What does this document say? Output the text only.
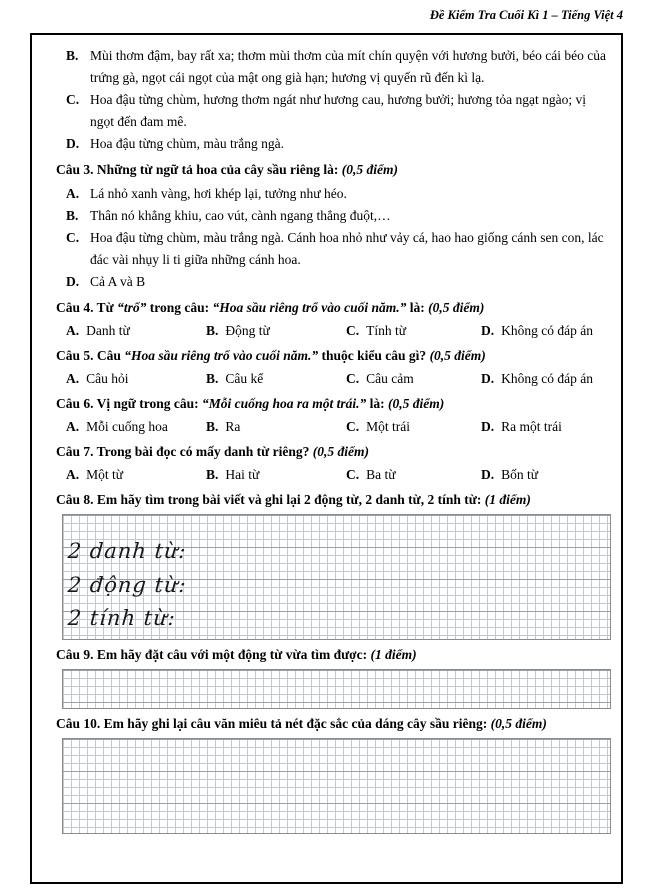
Đề Kiểm Tra Cuối Kì 1 – Tiếng Việt 4
B. Mùi thơm đậm, bay rất xa; thơm mùi thơm của mít chín quyện với hương bưởi, béo cái béo của trứng gà, ngọt cái ngọt của mật ong già hạn; hương vị quyến rũ đến kì lạ.
C. Hoa đậu từng chùm, hương thơm ngát như hương cau, hương bưởi; hương tỏa ngạt ngào; vị ngọt đến đam mê.
D. Hoa đậu từng chùm, màu trắng ngà.
Câu 3. Những từ ngữ tả hoa của cây sầu riêng là: (0,5 điểm)
A. Lá nhỏ xanh vàng, hơi khép lại, tưởng như héo.
B. Thân nó khẳng khiu, cao vút, cành ngang thẳng đuột,…
C. Hoa đậu từng chùm, màu trắng ngà. Cánh hoa nhỏ như vảy cá, hao hao giống cánh sen con, lác đác vài nhụy li ti giữa những cánh hoa.
D. Cả A và B
Câu 4. Từ “trổ” trong câu: “Hoa sầu riêng trổ vào cuối năm.” là: (0,5 điểm)
A. Danh từ	B. Động từ	C. Tính từ	D. Không có đáp án
Câu 5. Câu “Hoa sầu riêng trổ vào cuối năm.” thuộc kiểu câu gì? (0,5 điểm)
A. Câu hỏi	B. Câu kể	C. Câu cảm	D. Không có đáp án
Câu 6. Vị ngữ trong câu: “Mỗi cuống hoa ra một trái.” là: (0,5 điểm)
A. Mỗi cuống hoa	B. Ra	C. Một trái	D. Ra một trái
Câu 7. Trong bài đọc có mấy danh từ riêng? (0,5 điểm)
A. Một từ	B. Hai từ	C. Ba từ	D. Bốn từ
Câu 8. Em hãy tìm trong bài viết và ghi lại 2 động từ, 2 danh từ, 2 tính từ: (1 điểm)
2 danh từ:
2 động từ:
2 tính từ:
Câu 9. Em hãy đặt câu với một động từ vừa tìm được: (1 điểm)
Câu 10. Em hãy ghi lại câu văn miêu tả nét đặc sắc của dáng cây sầu riêng: (0,5 điểm)
